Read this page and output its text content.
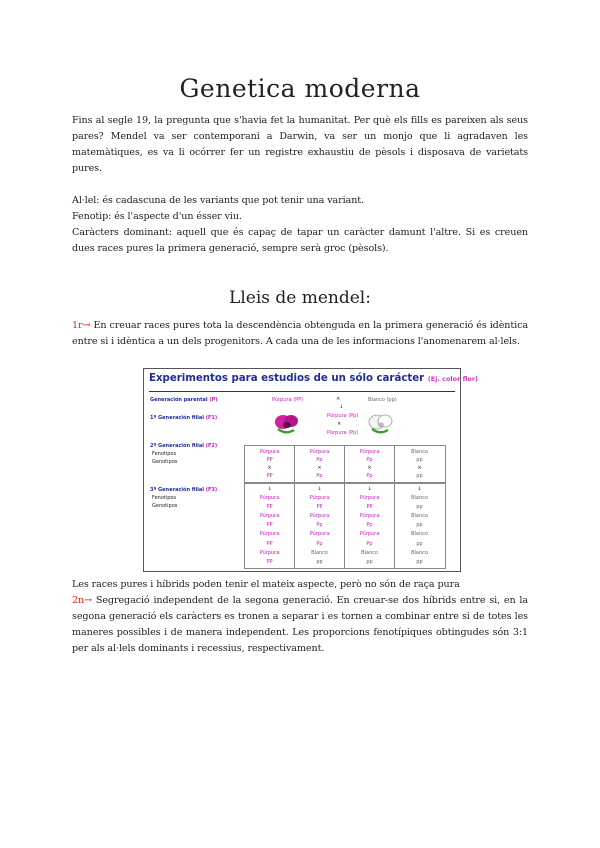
Genetica moderna

Fins al segle 19, la pregunta que s'havia fet la humanitat. Per què els fills es pareixen als seus pares? Mendel va ser contemporani a Darwin, va ser un monjo que li agradaven les matemàtiques, es va li ocórrer fer un registre exhaustiu de pèsols i disposava de varietats pures.

Al·lel: és cadascuna de les variants que pot tenir una variant.

Fenotip: és l'aspecte d'un ésser viu.

Caràcters dominant: aquell que és capaç de tapar un caràcter damunt l'altre. Si es creuen dues races pures la primera generació, sempre serà groc (pèsols).

Lleis de mendel:

1r→ En creuar races pures tota la descendència obtenguda en la primera generació és idèntica entre si i idèntica a un dels progenitors. A cada una de les informacions l'anomenarem al·lels.

Experimentos para estudios de un sólo carácter (Ej. color flor)
Generación parental (P)
1ª Generación filial (F1)
2ª Generación filial (F2)
Fenotipos
Genotipos
3ª Generación filial (F3)
Fenotipos
Genotipos
Púrpura (PP)	×	Blanco (pp)
↓
Púrpura (Pp)
×
Púrpura (Pp)
Púrpura
PP
×
PP
Púrpura
Pp
×
Pp
Púrpura
Pp
×
Pp
Blanco
pp
×
pp
↓
Púrpura
PP
Púrpura
PP
Púrpura
PP
Púrpura
PP
↓
Púrpura
PP
Púrpura
Pp
Púrpura
Pp
Blanco
pp
↓
Púrpura
PP
Púrpura
Pp
Púrpura
Pp
Blanco
pp
↓
Blanco
pp
Blanco
pp
Blanco
pp
Blanco
pp

Les races pures i híbrids poden tenir el mateix aspecte, però no són de raça pura

2n→ Segregació independent de la segona generació. En creuar-se dos híbrids entre si, en la segona generació els caràcters es tronen a separar i es tornen a combinar entre si de totes les maneres possibles i de manera independent. Les proporcions fenotípiques obtingudes són 3:1 per als al·lels dominants i recessius, respectivament.
